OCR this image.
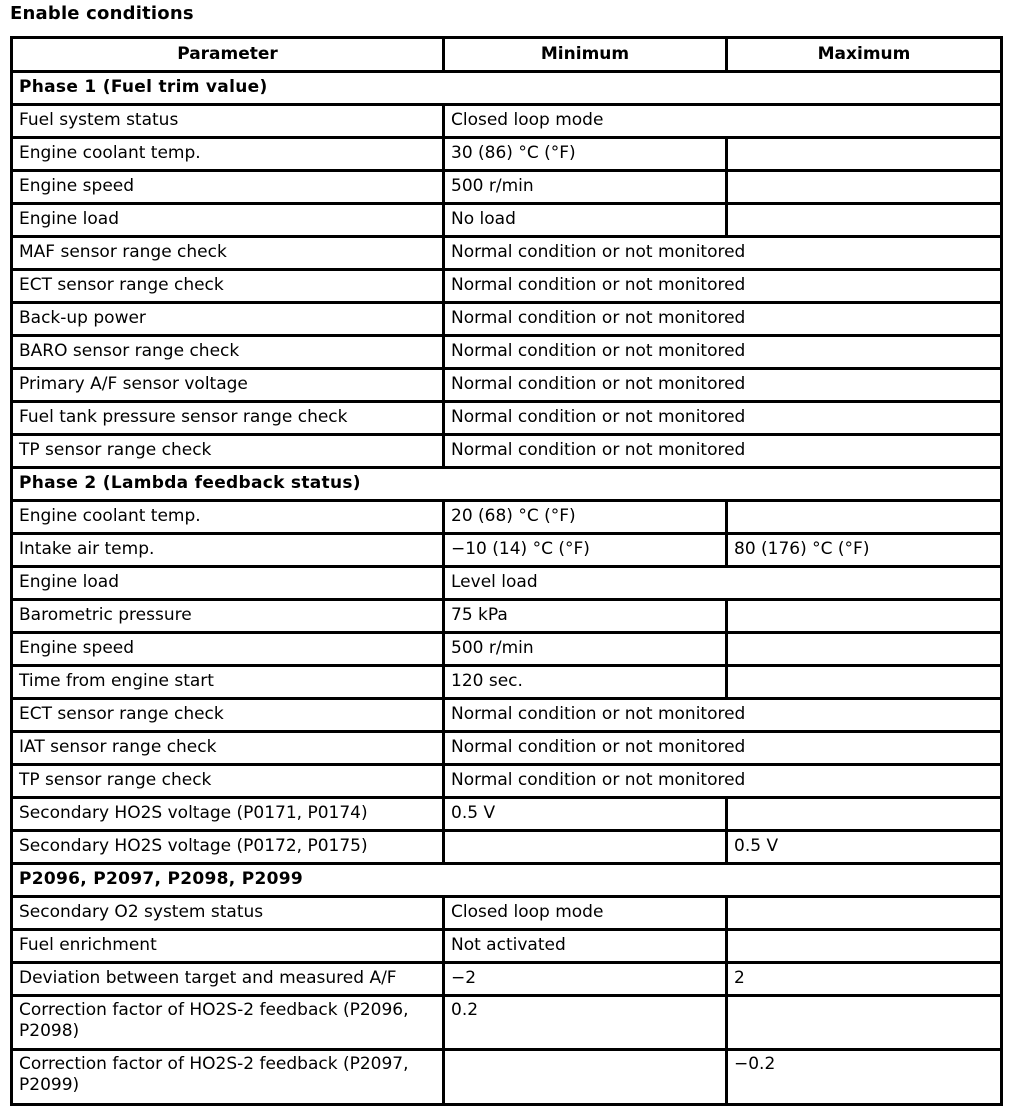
Enable conditions
Parameter	Minimum	Maximum
Phase 1 (Fuel trim value)		
Fuel system status	Closed loop mode	
Engine coolant temp.	30 (86) °C (°F)	
Engine speed	500 r/min	
Engine load	No load	
MAF sensor range check	Normal condition or not monitored	
ECT sensor range check	Normal condition or not monitored	
Back-up power	Normal condition or not monitored	
BARO sensor range check	Normal condition or not monitored	
Primary A/F sensor voltage	Normal condition or not monitored	
Fuel tank pressure sensor range check	Normal condition or not monitored	
TP sensor range check	Normal condition or not monitored	
Phase 2 (Lambda feedback status)		
Engine coolant temp.	20 (68) °C (°F)	
Intake air temp.	−10 (14) °C (°F)	80 (176) °C (°F)
Engine load	Level load	
Barometric pressure	75 kPa	
Engine speed	500 r/min	
Time from engine start	120 sec.	
ECT sensor range check	Normal condition or not monitored	
IAT sensor range check	Normal condition or not monitored	
TP sensor range check	Normal condition or not monitored	
Secondary HO2S voltage (P0171, P0174)	0.5 V	
Secondary HO2S voltage (P0172, P0175)		0.5 V
P2096, P2097, P2098, P2099		
Secondary O2 system status	Closed loop mode	
Fuel enrichment	Not activated	
Deviation between target and measured A/F	−2	2
Correction factor of HO2S-2 feedback (P2096, P2098)	0.2	
Correction factor of HO2S-2 feedback (P2097, P2099)		−0.2
